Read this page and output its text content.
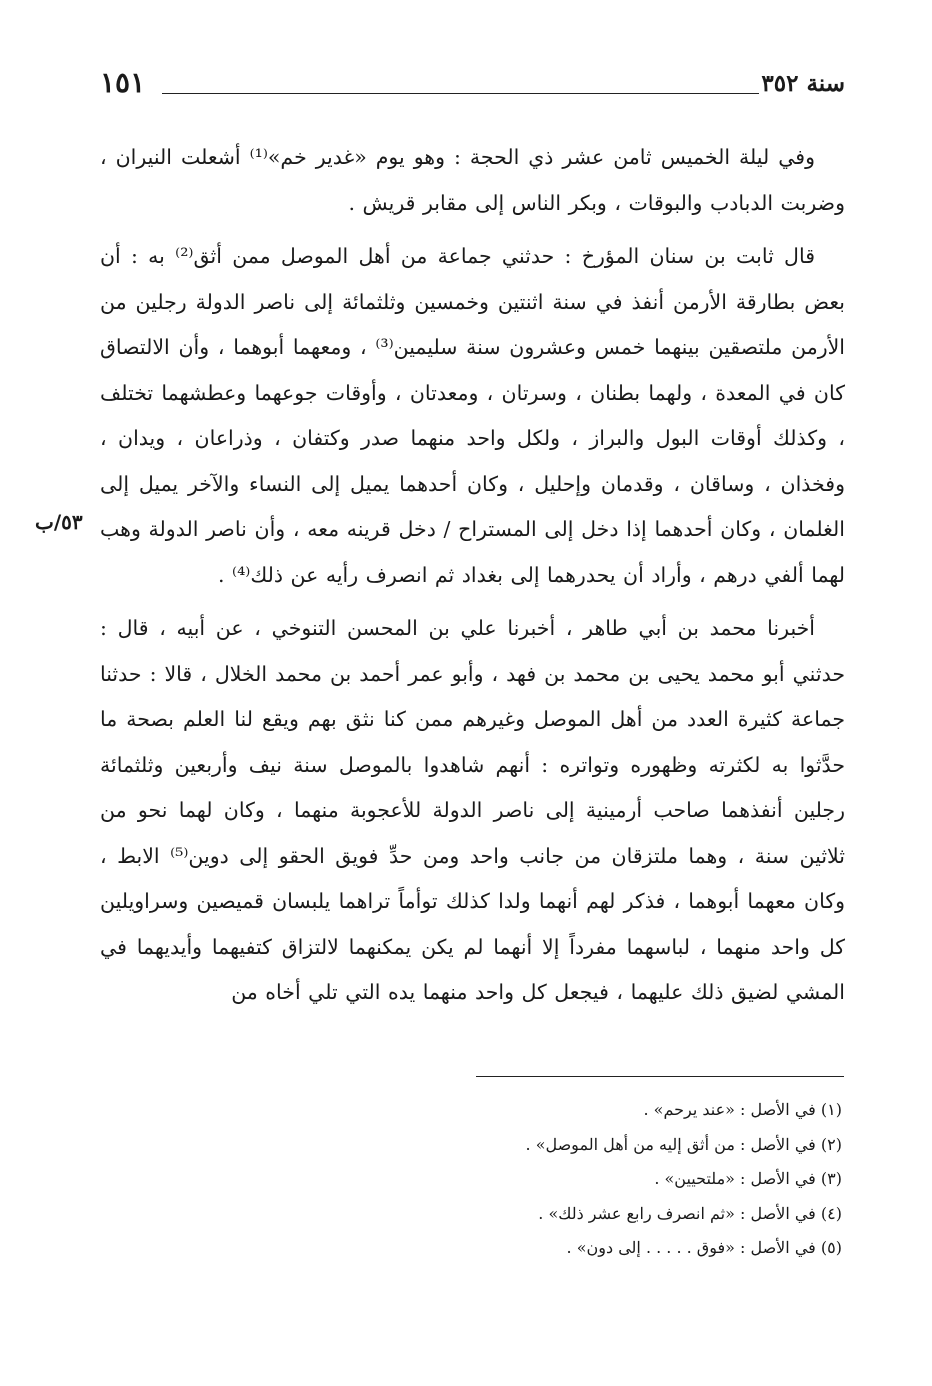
سنة ٣٥٢
١٥١
٥٣/ب

وفي ليلة الخميس ثامن عشر ذي الحجة : وهو يوم «غدير خم»⁽¹⁾ أشعلت النيران ، وضربت الدبادب والبوقات ، وبكر الناس إلى مقابر قريش .

قال ثابت بن سنان المؤرخ : حدثني جماعة من أهل الموصل ممن أثق⁽²⁾ به : أن بعض بطارقة الأرمن أنفذ في سنة اثنتين وخمسين وثلثمائة إلى ناصر الدولة رجلين من الأرمن ملتصقين بينهما خمس وعشرون سنة سليمين⁽³⁾ ، ومعهما أبوهما ، وأن الالتصاق كان في المعدة ، ولهما بطنان ، وسرتان ، ومعدتان ، وأوقات جوعهما وعطشهما تختلف ، وكذلك أوقات البول والبراز ، ولكل واحد منهما صدر وكتفان ، وذراعان ، ويدان ، وفخذان ، وساقان ، وقدمان وإحليل ، وكان أحدهما يميل إلى النساء والآخر يميل إلى الغلمان ، وكان أحدهما إذا دخل إلى المستراح / دخل قرينه معه ، وأن ناصر الدولة وهب لهما ألفي درهم ، وأراد أن يحدرهما إلى بغداد ثم انصرف رأيه عن ذلك⁽⁴⁾ .

أخبرنا محمد بن أبي طاهر ، أخبرنا علي بن المحسن التنوخي ، عن أبيه ، قال : حدثني أبو محمد يحيى بن محمد بن فهد ، وأبو عمر أحمد بن محمد الخلال ، قالا : حدثنا جماعة كثيرة العدد من أهل الموصل وغيرهم ممن كنا نثق بهم ويقع لنا العلم بصحة ما حدَّثوا به لكثرته وظهوره وتواتره : أنهم شاهدوا بالموصل سنة نيف وأربعين وثلثمائة رجلين أنفذهما صاحب أرمينية إلى ناصر الدولة للأعجوبة منهما ، وكان لهما نحو من ثلاثين سنة ، وهما ملتزقان من جانب واحد ومن حدِّ فويق الحقو إلى دوين⁽⁵⁾ الابط ، وكان معهما أبوهما ، فذكر لهم أنهما ولدا كذلك توأماً تراهما يلبسان قميصين وسراويلين كل واحد منهما ، لباسهما مفرداً إلا أنهما لم يكن يمكنهما لالتزاق كتفيهما وأيديهما في المشي لضيق ذلك عليهما ، فيجعل كل واحد منهما يده التي تلي أخاه من

(١) في الأصل : «عند يرحم» .
(٢) في الأصل : من أثق إليه من أهل الموصل» .
(٣) في الأصل : «ملتحيين» .
(٤) في الأصل : «ثم انصرف رابع عشر ذلك» .
(٥) في الأصل : «فوق . . . . . إلى دون» .
